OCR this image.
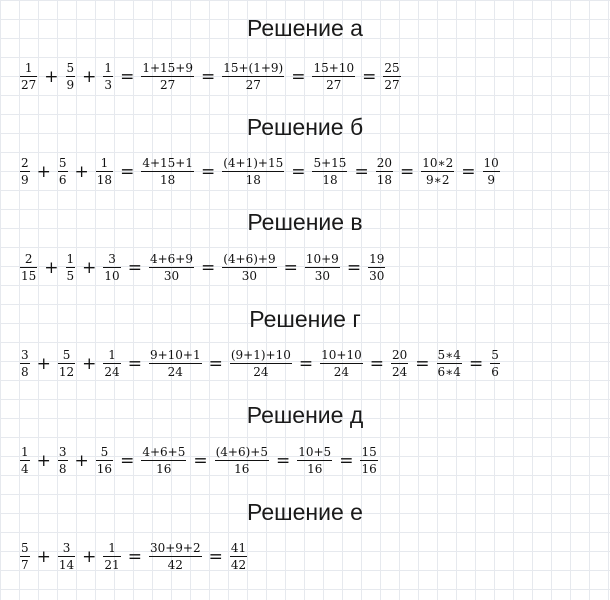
Решение а
$\frac{1}{27} + \frac{5}{9} + \frac{1}{3} = \frac{1+15+9}{27} = \frac{15+(1+9)}{27} = \frac{15+10}{27} = \frac{25}{27}$
Решение б
$\frac{2}{9} + \frac{5}{6} + \frac{1}{18} = \frac{4+15+1}{18} = \frac{(4+1)+15}{18} = \frac{5+15}{18} = \frac{20}{18} = \frac{10∗2}{9∗2} = \frac{10}{9}$
Решение в
$\frac{2}{15} + \frac{1}{5} + \frac{3}{10} = \frac{4+6+9}{30} = \frac{(4+6)+9}{30} = \frac{10+9}{30} = \frac{19}{30}$
Решение г
$\frac{3}{8} + \frac{5}{12} + \frac{1}{24} = \frac{9+10+1}{24} = \frac{(9+1)+10}{24} = \frac{10+10}{24} = \frac{20}{24} = \frac{5∗4}{6∗4} = \frac{5}{6}$
Решение д
$\frac{1}{4} + \frac{3}{8} + \frac{5}{16} = \frac{4+6+5}{16} = \frac{(4+6)+5}{16} = \frac{10+5}{16} = \frac{15}{16}$
Решение е
$\frac{5}{7} + \frac{3}{14} + \frac{1}{21} = \frac{30+9+2}{42} = \frac{41}{42}$
